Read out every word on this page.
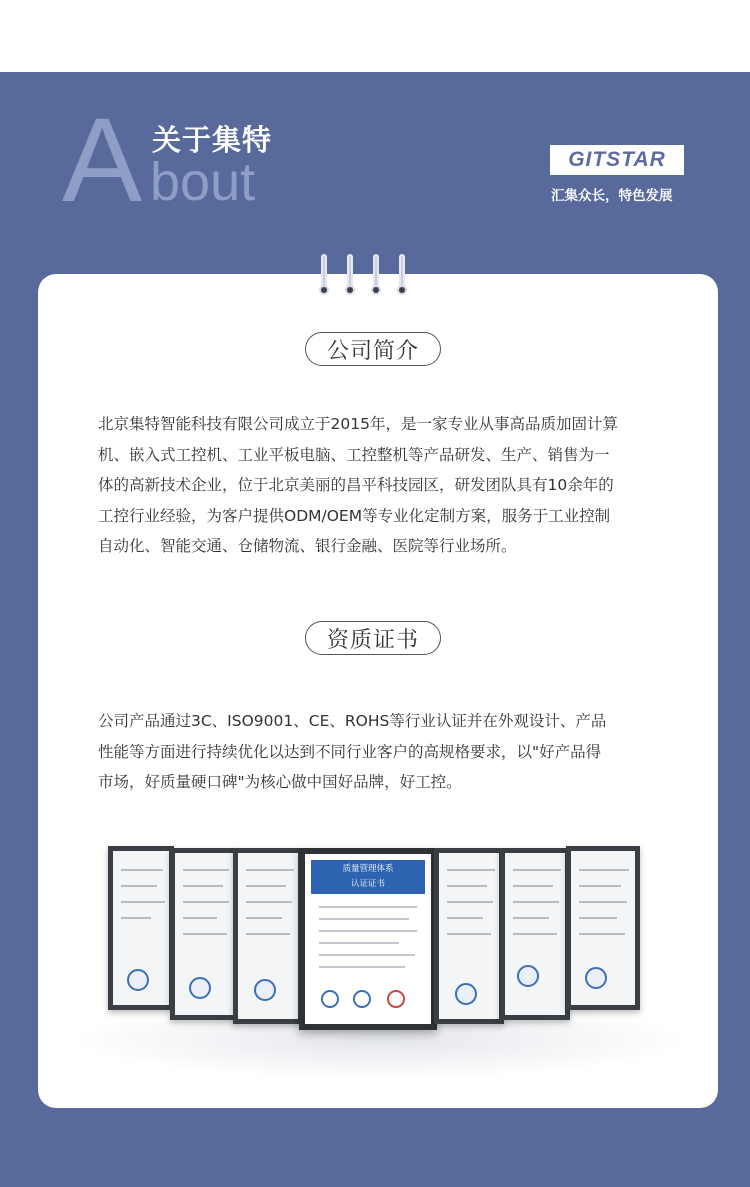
A bout
关于集特
GITSTAR
汇集众长，特色发展
公司简介
北京集特智能科技有限公司成立于2015年，是一家专业从事高品质加固计算
机、嵌入式工控机、工业平板电脑、工控整机等产品研发、生产、销售为一
体的高新技术企业，位于北京美丽的昌平科技园区，研发团队具有10余年的
工控行业经验，为客户提供ODM/OEM等专业化定制方案，服务于工业控制
自动化、智能交通、仓储物流、银行金融、医院等行业场所。
资质证书
公司产品通过3C、ISO9001、CE、ROHS等行业认证并在外观设计、产品
性能等方面进行持续优化以达到不同行业客户的高规格要求，以"好产品得
市场，好质量硬口碑"为核心做中国好品牌，好工控。
质量管理体系
认证证书
